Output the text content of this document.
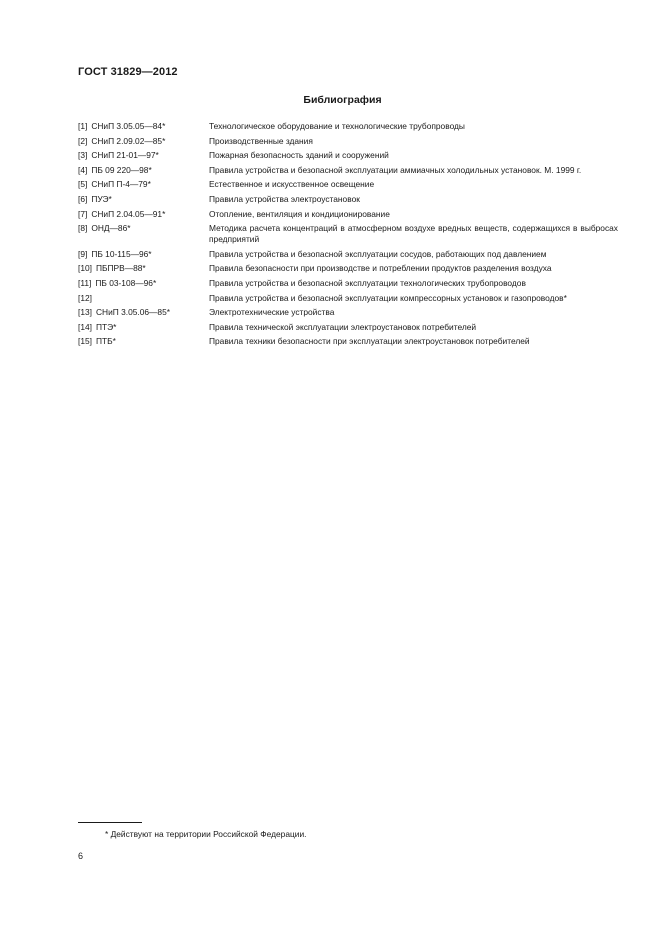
ГОСТ 31829—2012
Библиография
[1] СНиП 3.05.05—84*	Технологическое оборудование и технологические трубопроводы
[2] СНиП 2.09.02—85*	Производственные здания
[3] СНиП 21-01—97*	Пожарная безопасность зданий и сооружений
[4] ПБ 09 220—98*	Правила устройства и безопасной эксплуатации аммиачных холодильных установок. М. 1999 г.
[5] СНиП П-4—79*	Естественное и искусственное освещение
[6] ПУЭ*	Правила устройства электроустановок
[7] СНиП 2.04.05—91*	Отопление, вентиляция и кондиционирование
[8] ОНД—86*	Методика расчета концентраций в атмосферном воздухе вредных веществ, содержащихся в выбросах предприятий
[9] ПБ 10-115—96*	Правила устройства и безопасной эксплуатации сосудов, работающих под давлением
[10] ПБПРВ—88*	Правила безопасности при производстве и потреблении продуктов разделения воздуха
[11] ПБ 03-108—96*	Правила устройства и безопасной эксплуатации технологических трубопроводов
[12]	Правила устройства и безопасной эксплуатации компрессорных установок и газопроводов*
[13] СНиП 3.05.06—85*	Электротехнические устройства
[14] ПТЭ*	Правила технической эксплуатации электроустановок потребителей
[15] ПТБ*	Правила техники безопасности при эксплуатации электроустановок потребителей
* Действуют на территории Российской Федерации.
6
